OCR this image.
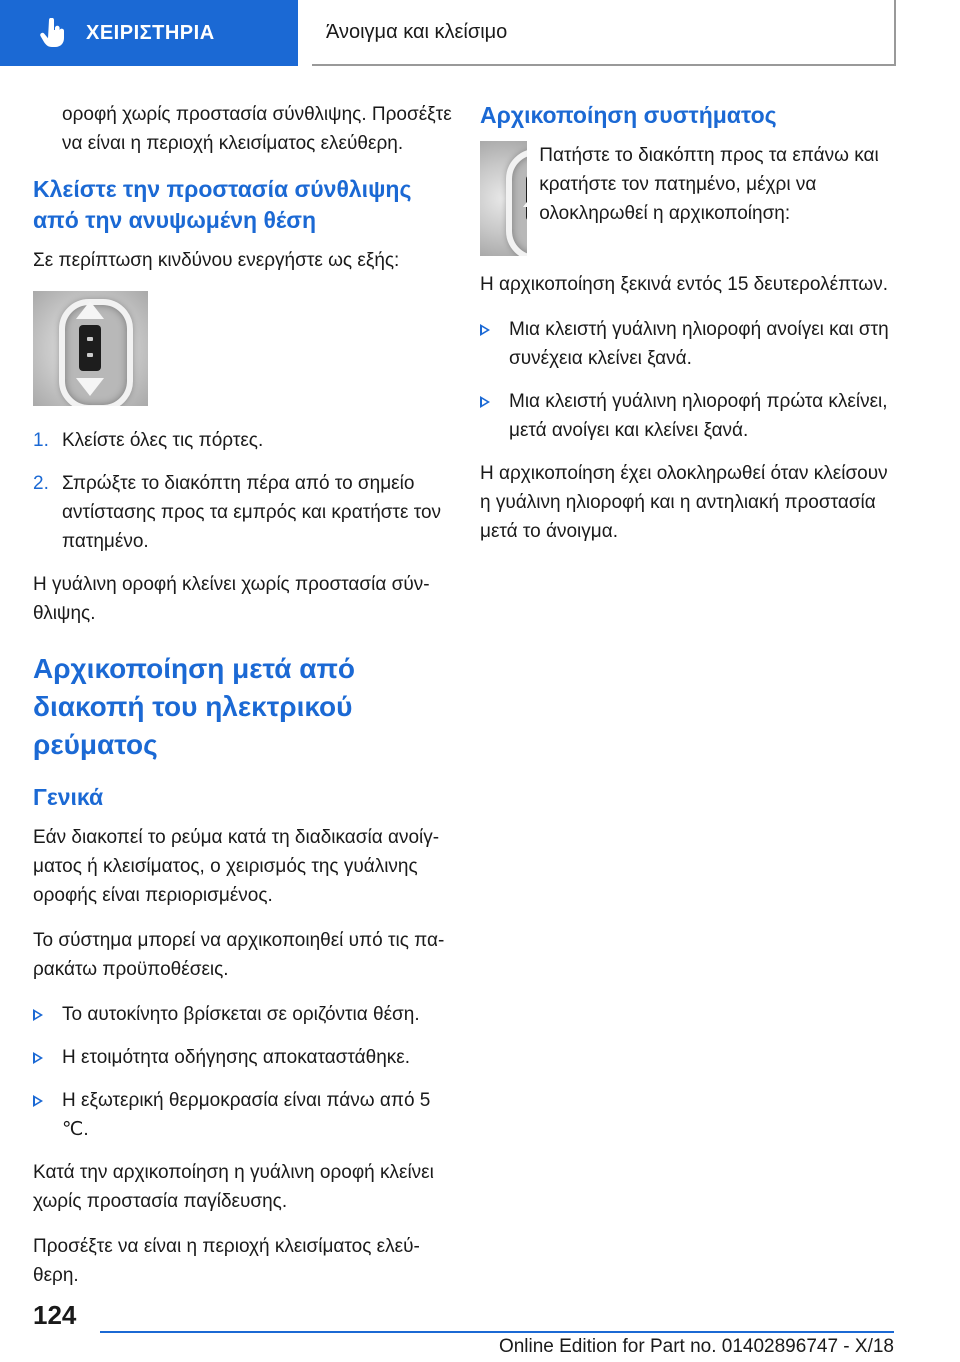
ΧΕΙΡΙΣΤΗΡΙΑ	Άνοιγμα και κλείσιμο

οροφή χωρίς προστασία σύνθλιψης. Προσέξτε να είναι η περιοχή κλεισίματος ελεύθερη.

Κλείστε την προστασία σύνθλιψης από την ανυψωμένη θέση

Σε περίπτωση κινδύνου ενεργήστε ως εξής:

1. Κλείστε όλες τις πόρτες.
2. Σπρώξτε το διακόπτη πέρα από το σημείο αντίστασης προς τα εμπρός και κρατήστε τον πατημένο.

Η γυάλινη οροφή κλείνει χωρίς προστασία σύνθλιψης.

Αρχικοποίηση μετά από διακοπή του ηλεκτρικού ρεύματος
Γενικά

Εάν διακοπεί το ρεύμα κατά τη διαδικασία ανοίγματος ή κλεισίματος, ο χειρισμός της γυάλινης οροφής είναι περιορισμένος.

Το σύστημα μπορεί να αρχικοποιηθεί υπό τις παρακάτω προϋποθέσεις.

Το αυτοκίνητο βρίσκεται σε οριζόντια θέση.
Η ετοιμότητα οδήγησης αποκαταστάθηκε.
Η εξωτερική θερμοκρασία είναι πάνω από 5 ℃.

Κατά την αρχικοποίηση η γυάλινη οροφή κλείνει χωρίς προστασία παγίδευσης.

Προσέξτε να είναι η περιοχή κλεισίματος ελεύθερη.

Αρχικοποίηση συστήματος

Πατήστε το διακόπτη προς τα επάνω και κρατήστε τον πατημένο, μέχρι να ολοκληρωθεί η αρχικοποίηση:

Η αρχικοποίηση ξεκινά εντός 15 δευτερολέπτων.

Μια κλειστή γυάλινη ηλιοροφή ανοίγει και στη συνέχεια κλείνει ξανά.
Μια κλειστή γυάλινη ηλιοροφή πρώτα κλείνει, μετά ανοίγει και κλείνει ξανά.

Η αρχικοποίηση έχει ολοκληρωθεί όταν κλείσουν η γυάλινη ηλιοροφή και η αντηλιακή προστασία μετά το άνοιγμα.

124
Online Edition for Part no. 01402896747 - X/18
